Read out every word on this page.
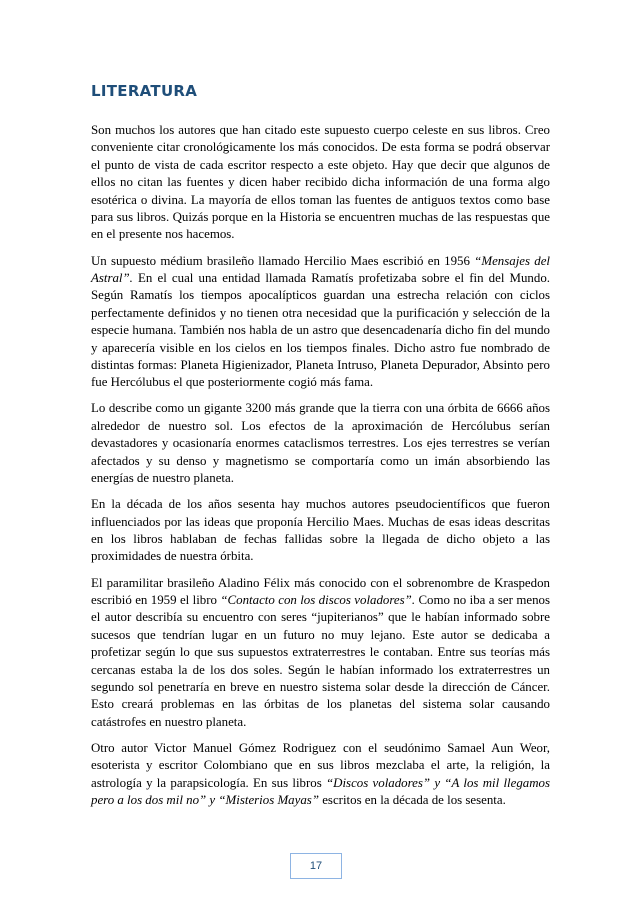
LITERATURA

Son muchos los autores que han citado este supuesto cuerpo celeste en sus libros. Creo conveniente citar cronológicamente los más conocidos. De esta forma se podrá observar el punto de vista de cada escritor respecto a este objeto. Hay que decir que algunos de ellos no citan las fuentes y dicen haber recibido dicha información de una forma algo esotérica o divina. La mayoría de ellos toman las fuentes de antiguos textos como base para sus libros. Quizás porque en la Historia se encuentren muchas de las respuestas que en el presente nos hacemos.

Un supuesto médium brasileño llamado Hercilio Maes escribió en 1956 “Mensajes del Astral”. En el cual una entidad llamada Ramatís profetizaba sobre el fin del Mundo. Según Ramatís los tiempos apocalípticos guardan una estrecha relación con ciclos perfectamente definidos y no tienen otra necesidad que la purificación y selección de la especie humana. También nos habla de un astro que desencadenaría dicho fin del mundo y aparecería visible en los cielos en los tiempos finales. Dicho astro fue nombrado de distintas formas: Planeta Higienizador, Planeta Intruso, Planeta Depurador, Absinto pero fue Hercólubus el que posteriormente cogió más fama.

Lo describe como un gigante 3200 más grande que la tierra con una órbita de 6666 años alrededor de nuestro sol. Los efectos de la aproximación de Hercólubus serían devastadores y ocasionaría enormes cataclismos terrestres. Los ejes terrestres se verían afectados y su denso y magnetismo se comportaría como un imán absorbiendo las energías de nuestro planeta.

En la década de los años sesenta hay muchos autores pseudocientíficos que fueron influenciados por las ideas que proponía Hercilio Maes. Muchas de esas ideas descritas en los libros hablaban de fechas fallidas sobre la llegada de dicho objeto a las proximidades de nuestra órbita.

El paramilitar brasileño Aladino Félix más conocido con el sobrenombre de Kraspedon escribió en 1959 el libro “Contacto con los discos voladores”. Como no iba a ser menos el autor describía su encuentro con seres “jupiterianos” que le habían informado sobre sucesos que tendrían lugar en un futuro no muy lejano. Este autor se dedicaba a profetizar según lo que sus supuestos extraterrestres le contaban. Entre sus teorías más cercanas estaba la de los dos soles. Según le habían informado los extraterrestres un segundo sol penetraría en breve en nuestro sistema solar desde la dirección de Cáncer. Esto creará problemas en las órbitas de los planetas del sistema solar causando catástrofes en nuestro planeta.

Otro autor Victor Manuel Gómez Rodriguez con el seudónimo Samael Aun Weor, esoterista y escritor Colombiano que en sus libros mezclaba el arte, la religión, la astrología y la parapsicología. En sus libros “Discos voladores” y “A los mil llegamos pero a los dos mil no” y “Misterios Mayas” escritos en la década de los sesenta.

17
